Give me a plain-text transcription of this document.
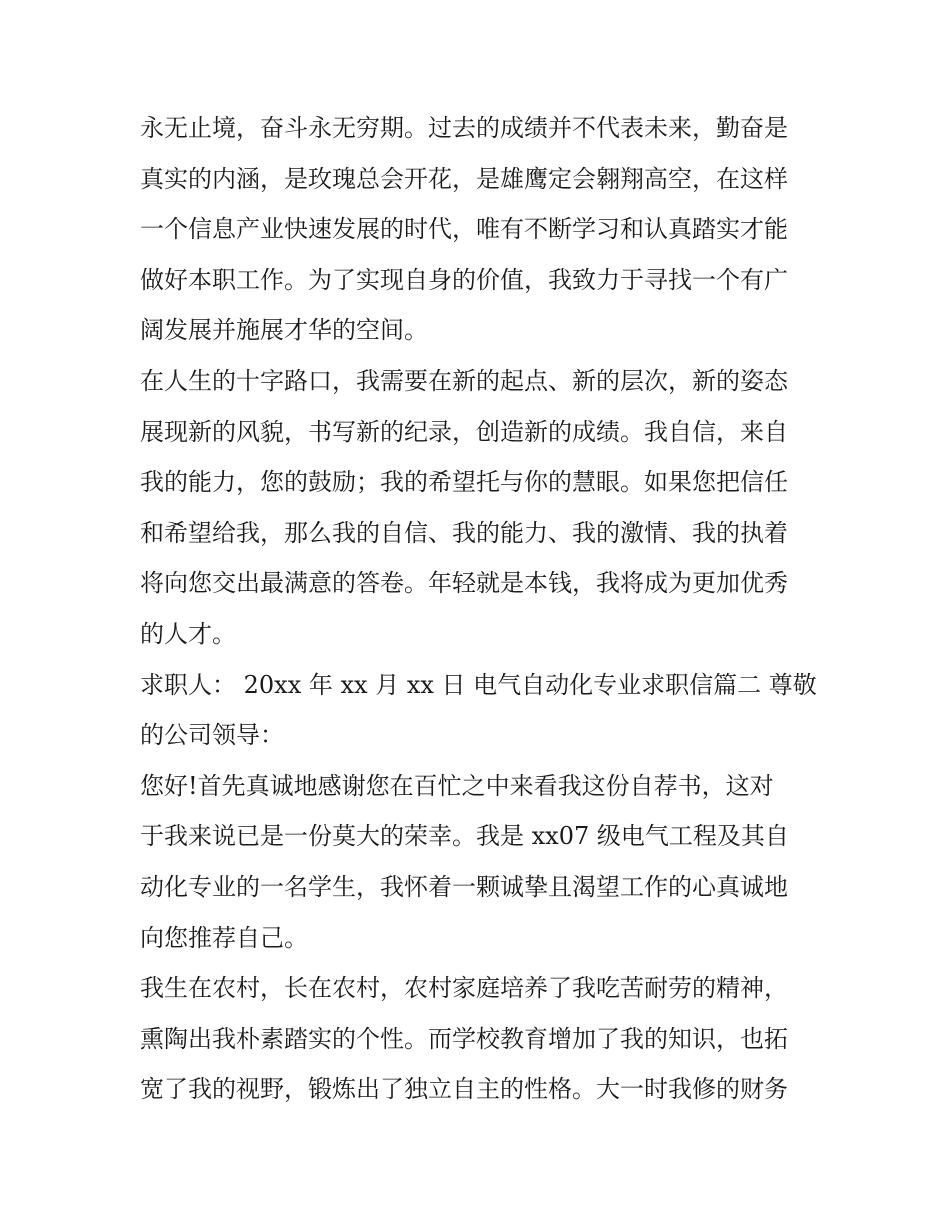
永无止境，奋斗永无穷期。过去的成绩并不代表未来，勤奋是
真实的内涵，是玫瑰总会开花，是雄鹰定会翱翔高空，在这样
一个信息产业快速发展的时代，唯有不断学习和认真踏实才能
做好本职工作。为了实现自身的价值，我致力于寻找一个有广
阔发展并施展才华的空间。

在人生的十字路口，我需要在新的起点、新的层次，新的姿态
展现新的风貌，书写新的纪录，创造新的成绩。我自信，来自
我的能力，您的鼓励；我的希望托与你的慧眼。如果您把信任
和希望给我，那么我的自信、我的能力、我的激情、我的执着
将向您交出最满意的答卷。年轻就是本钱，我将成为更加优秀
的人才。

求职人： 20xx 年 xx 月 xx 日 电气自动化专业求职信篇二 尊敬
的公司领导：

您好!首先真诚地感谢您在百忙之中来看我这份自荐书，这对
于我来说已是一份莫大的荣幸。我是 xx07 级电气工程及其自
动化专业的一名学生，我怀着一颗诚挚且渴望工作的心真诚地
向您推荐自己。

我生在农村，长在农村，农村家庭培养了我吃苦耐劳的精神，
熏陶出我朴素踏实的个性。而学校教育增加了我的知识，也拓
宽了我的视野，锻炼出了独立自主的性格。大一时我修的财务
